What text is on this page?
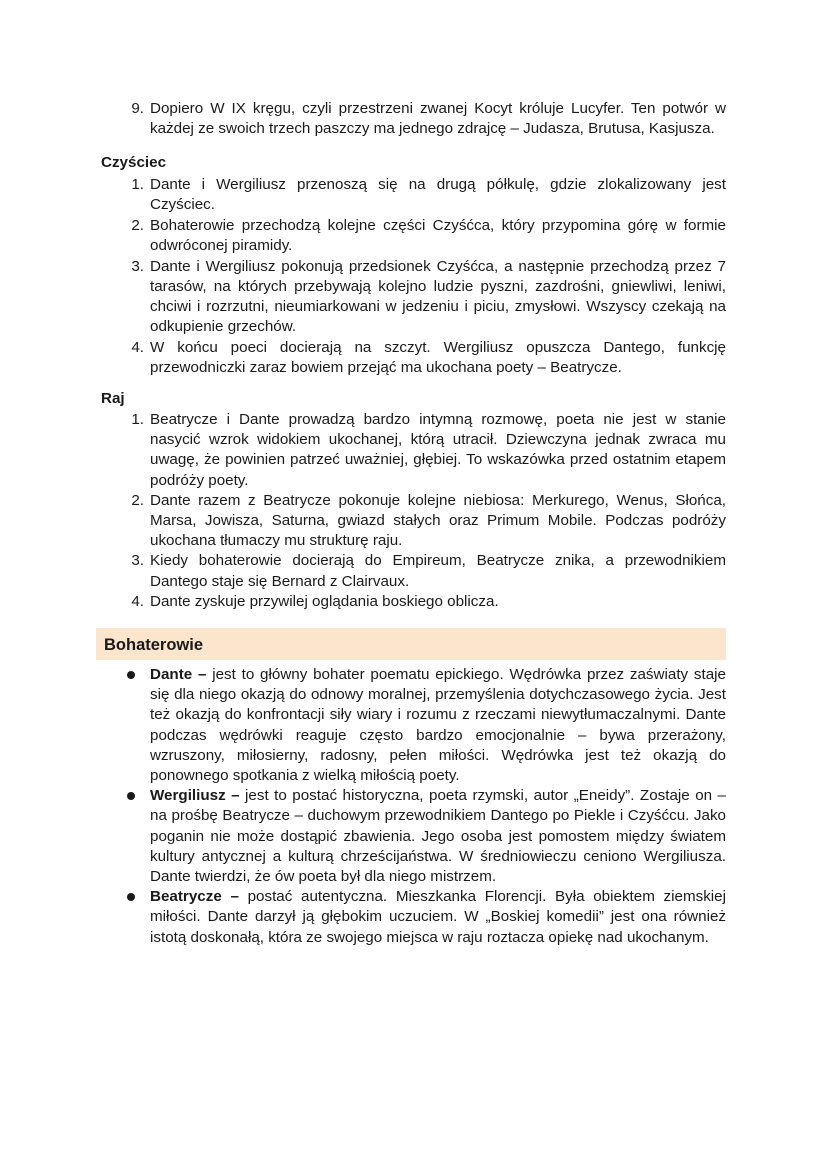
9. Dopiero W IX kręgu, czyli przestrzeni zwanej Kocyt króluje Lucyfer. Ten potwór w każdej ze swoich trzech paszczy ma jednego zdrajcę – Judasza, Brutusa, Kasjusza.
Czyściec
1. Dante i Wergiliusz przenoszą się na drugą półkulę, gdzie zlokalizowany jest Czyściec.
2. Bohaterowie przechodzą kolejne części Czyśćca, który przypomina górę w formie odwróconej piramidy.
3. Dante i Wergiliusz pokonują przedsionek Czyśćca, a następnie przechodzą przez 7 tarasów, na których przebywają kolejno ludzie pyszni, zazdrośni, gniewliwi, leniwi, chciwi i rozrzutni, nieumiarkowani w jedzeniu i piciu, zmysłowi. Wszyscy czekają na odkupienie grzechów.
4. W końcu poeci docierają na szczyt. Wergiliusz opuszcza Dantego, funkcję przewodniczki zaraz bowiem przejąć ma ukochana poety – Beatrycze.
Raj
1. Beatrycze i Dante prowadzą bardzo intymną rozmowę, poeta nie jest w stanie nasycić wzrok widokiem ukochanej, którą utracił. Dziewczyna jednak zwraca mu uwagę, że powinien patrzeć uważniej, głębiej. To wskazówka przed ostatnim etapem podróży poety.
2. Dante razem z Beatrycze pokonuje kolejne niebiosa: Merkurego, Wenus, Słońca, Marsa, Jowisza, Saturna, gwiazd stałych oraz Primum Mobile. Podczas podróży ukochana tłumaczy mu strukturę raju.
3. Kiedy bohaterowie docierają do Empireum, Beatrycze znika, a przewodnikiem Dantego staje się Bernard z Clairvaux.
4. Dante zyskuje przywilej oglądania boskiego oblicza.
Bohaterowie
Dante – jest to główny bohater poematu epickiego. Wędrówka przez zaświaty staje się dla niego okazją do odnowy moralnej, przemyślenia dotychczasowego życia. Jest też okazją do konfrontacji siły wiary i rozumu z rzeczami niewytłumaczalnymi. Dante podczas wędrówki reaguje często bardzo emocjonalnie – bywa przerażony, wzruszony, miłosierny, radosny, pełen miłości. Wędrówka jest też okazją do ponownego spotkania z wielką miłością poety.
Wergiliusz – jest to postać historyczna, poeta rzymski, autor „Eneidy”. Zostaje on – na prośbę Beatrycze – duchowym przewodnikiem Dantego po Piekle i Czyśćcu. Jako poganin nie może dostąpić zbawienia. Jego osoba jest pomostem między światem kultury antycznej a kulturą chrześcijaństwa. W średniowieczu ceniono Wergiliusza. Dante twierdzi, że ów poeta był dla niego mistrzem.
Beatrycze – postać autentyczna. Mieszkanka Florencji. Była obiektem ziemskiej miłości. Dante darzył ją głębokim uczuciem. W „Boskiej komedii” jest ona również istotą doskonałą, która ze swojego miejsca w raju roztacza opiekę nad ukochanym.
